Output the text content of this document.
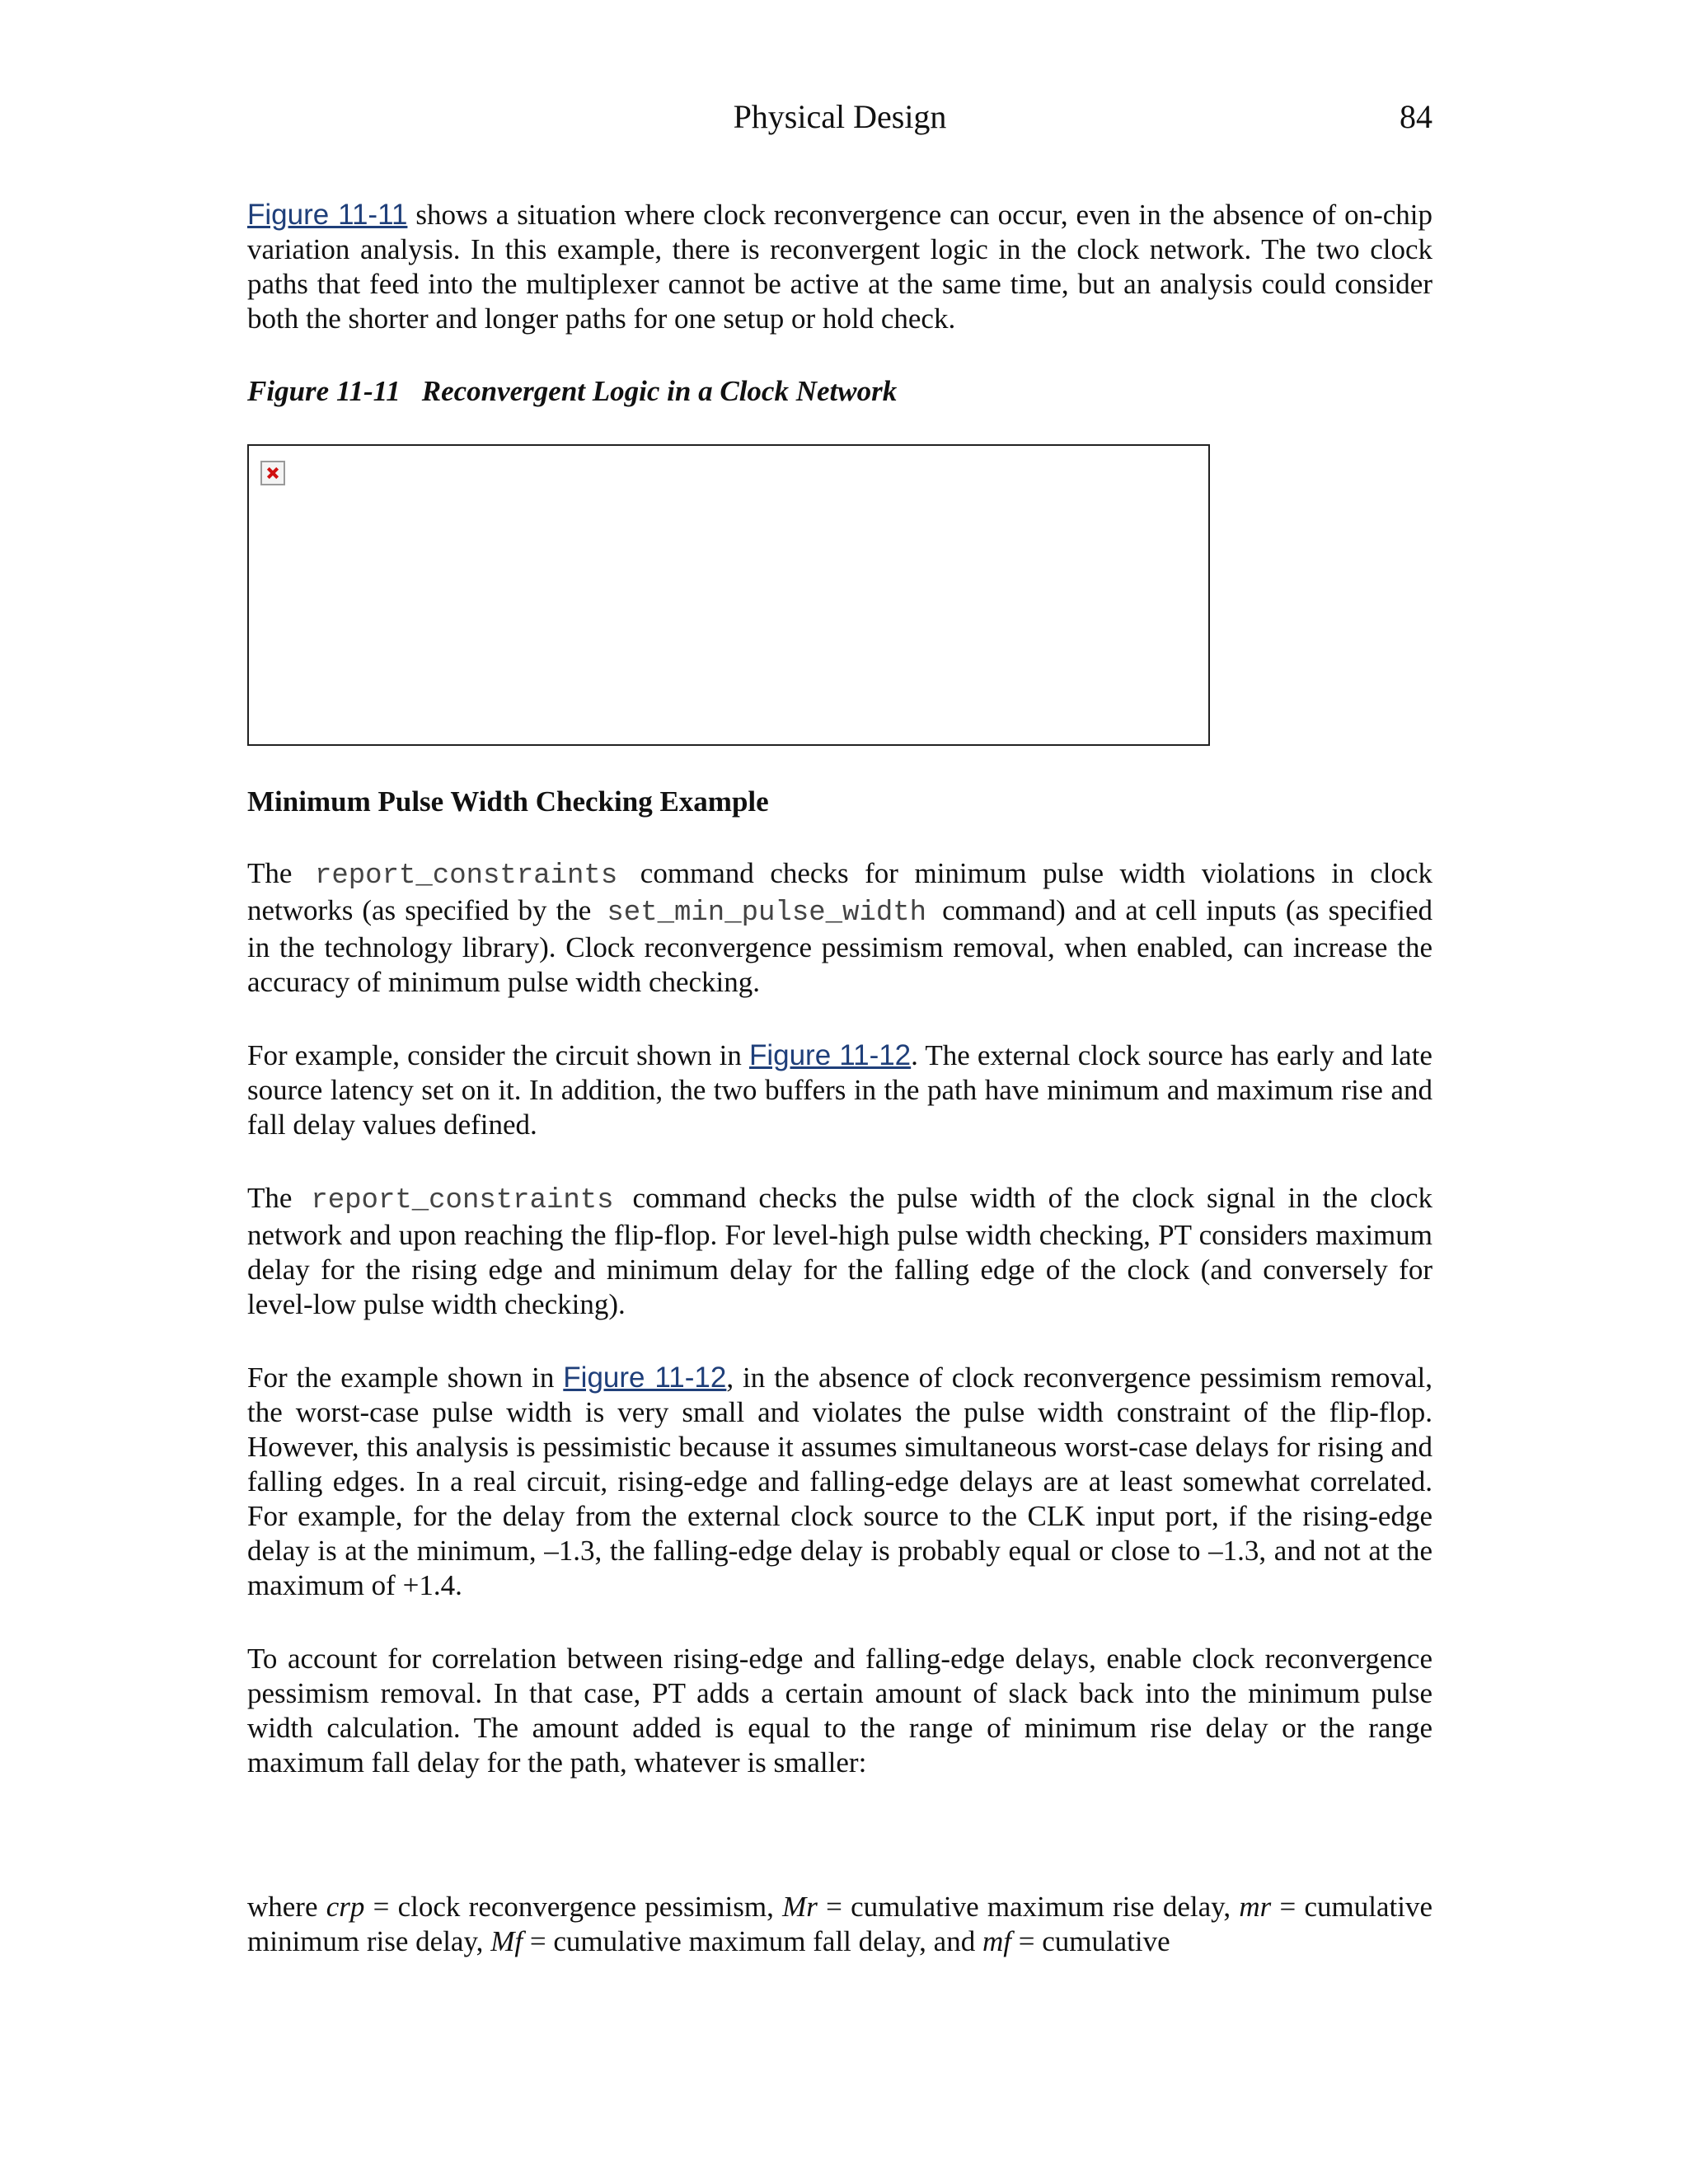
Physical Design	84

Figure 11-11 shows a situation where clock reconvergence can occur, even in the absence of on-chip variation analysis. In this example, there is reconvergent logic in the clock network. The two clock paths that feed into the multiplexer cannot be active at the same time, but an analysis could consider both the shorter and longer paths for one setup or hold check.

Figure 11-11 Reconvergent Logic in a Clock Network
Minimum Pulse Width Checking Example

The report_constraints command checks for minimum pulse width violations in clock networks (as specified by the set_min_pulse_width command) and at cell inputs (as specified in the technology library). Clock reconvergence pessimism removal, when enabled, can increase the accuracy of minimum pulse width checking.

For example, consider the circuit shown in Figure 11-12. The external clock source has early and late source latency set on it. In addition, the two buffers in the path have minimum and maximum rise and fall delay values defined.

The report_constraints command checks the pulse width of the clock signal in the clock network and upon reaching the flip-flop. For level-high pulse width checking, PT considers maximum delay for the rising edge and minimum delay for the falling edge of the clock (and conversely for level-low pulse width checking).

For the example shown in Figure 11-12, in the absence of clock reconvergence pessimism removal, the worst-case pulse width is very small and violates the pulse width constraint of the flip-flop. However, this analysis is pessimistic because it assumes simultaneous worst-case delays for rising and falling edges. In a real circuit, rising-edge and falling-edge delays are at least somewhat correlated. For example, for the delay from the external clock source to the CLK input port, if the rising-edge delay is at the minimum, –1.3, the falling-edge delay is probably equal or close to –1.3, and not at the maximum of +1.4.

To account for correlation between rising-edge and falling-edge delays, enable clock reconvergence pessimism removal. In that case, PT adds a certain amount of slack back into the minimum pulse width calculation. The amount added is equal to the range of minimum rise delay or the range maximum fall delay for the path, whatever is smaller:

where crp = clock reconvergence pessimism, Mr = cumulative maximum rise delay, mr = cumulative minimum rise delay, Mf = cumulative maximum fall delay, and mf = cumulative
